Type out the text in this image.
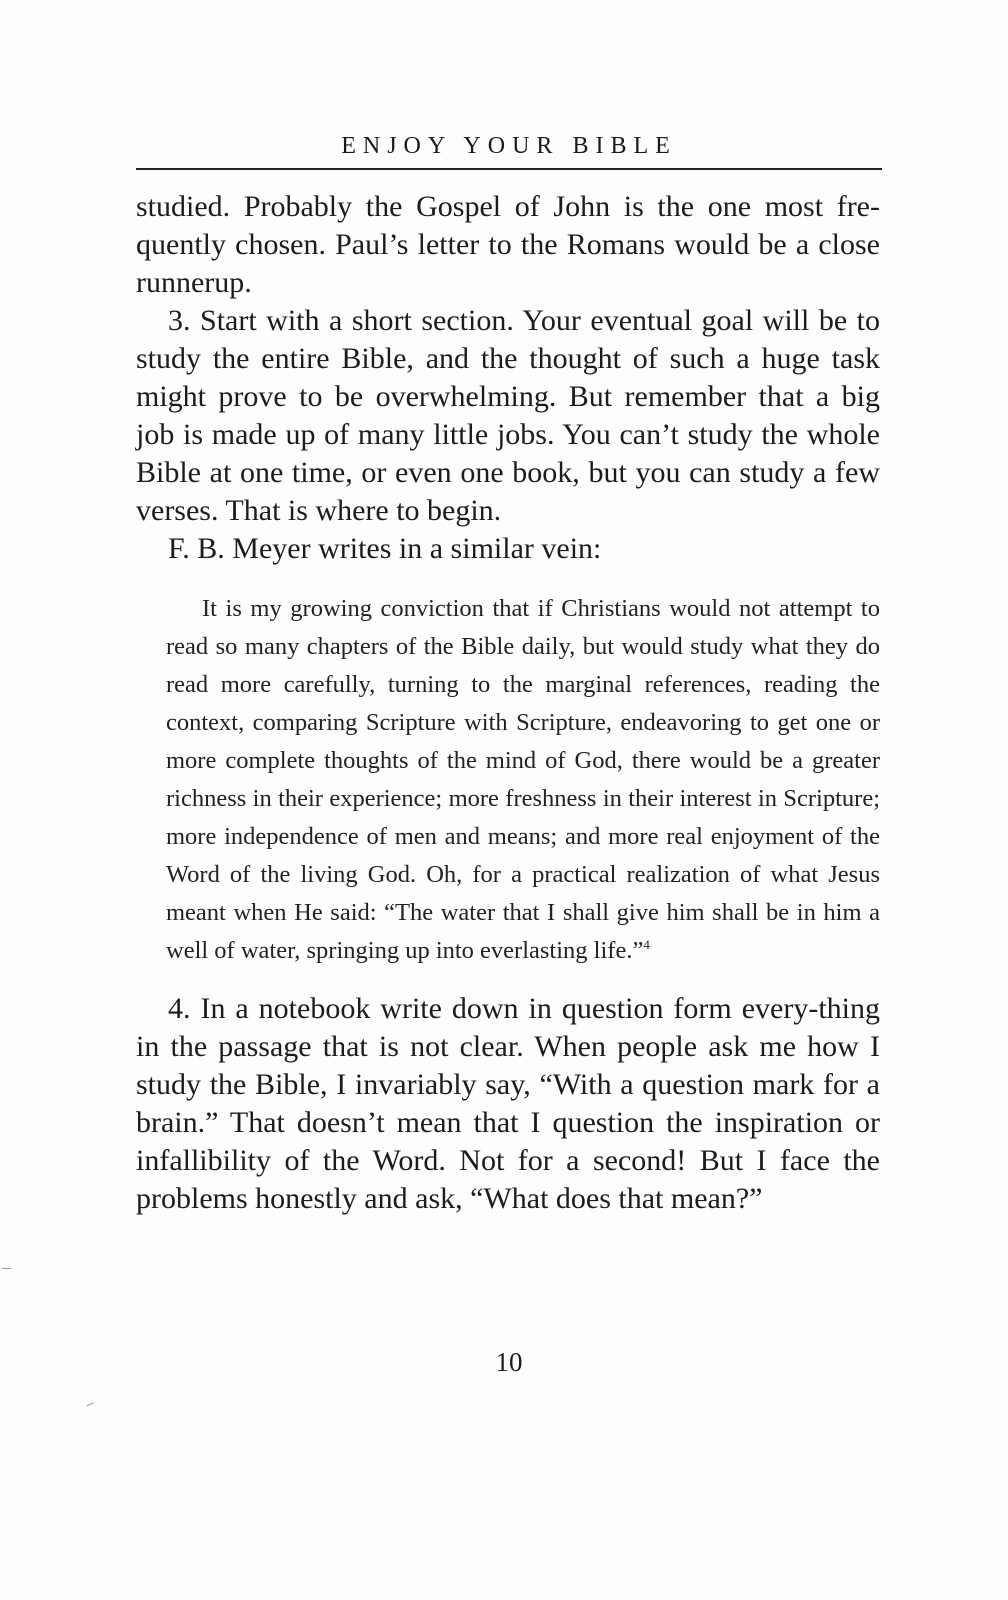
ENJOY YOUR BIBLE

studied. Probably the Gospel of John is the one most fre-quently chosen. Paul’s letter to the Romans would be a close runnerup.

3. Start with a short section. Your eventual goal will be to study the entire Bible, and the thought of such a huge task might prove to be overwhelming. But remember that a big job is made up of many little jobs. You can’t study the whole Bible at one time, or even one book, but you can study a few verses. That is where to begin.

F. B. Meyer writes in a similar vein:

It is my growing conviction that if Christians would not attempt to read so many chapters of the Bible daily, but would study what they do read more carefully, turning to the marginal references, reading the context, comparing Scripture with Scripture, endeavoring to get one or more complete thoughts of the mind of God, there would be a greater richness in their experience; more freshness in their interest in Scripture; more independence of men and means; and more real enjoyment of the Word of the living God. Oh, for a practical realization of what Jesus meant when He said: “The water that I shall give him shall be in him a well of water, springing up into everlasting life.”$^4$

4. In a notebook write down in question form every-thing in the passage that is not clear. When people ask me how I study the Bible, I invariably say, “With a question mark for a brain.” That doesn’t mean that I question the inspiration or infallibility of the Word. Not for a second! But I face the problems honestly and ask, “What does that mean?”

10
